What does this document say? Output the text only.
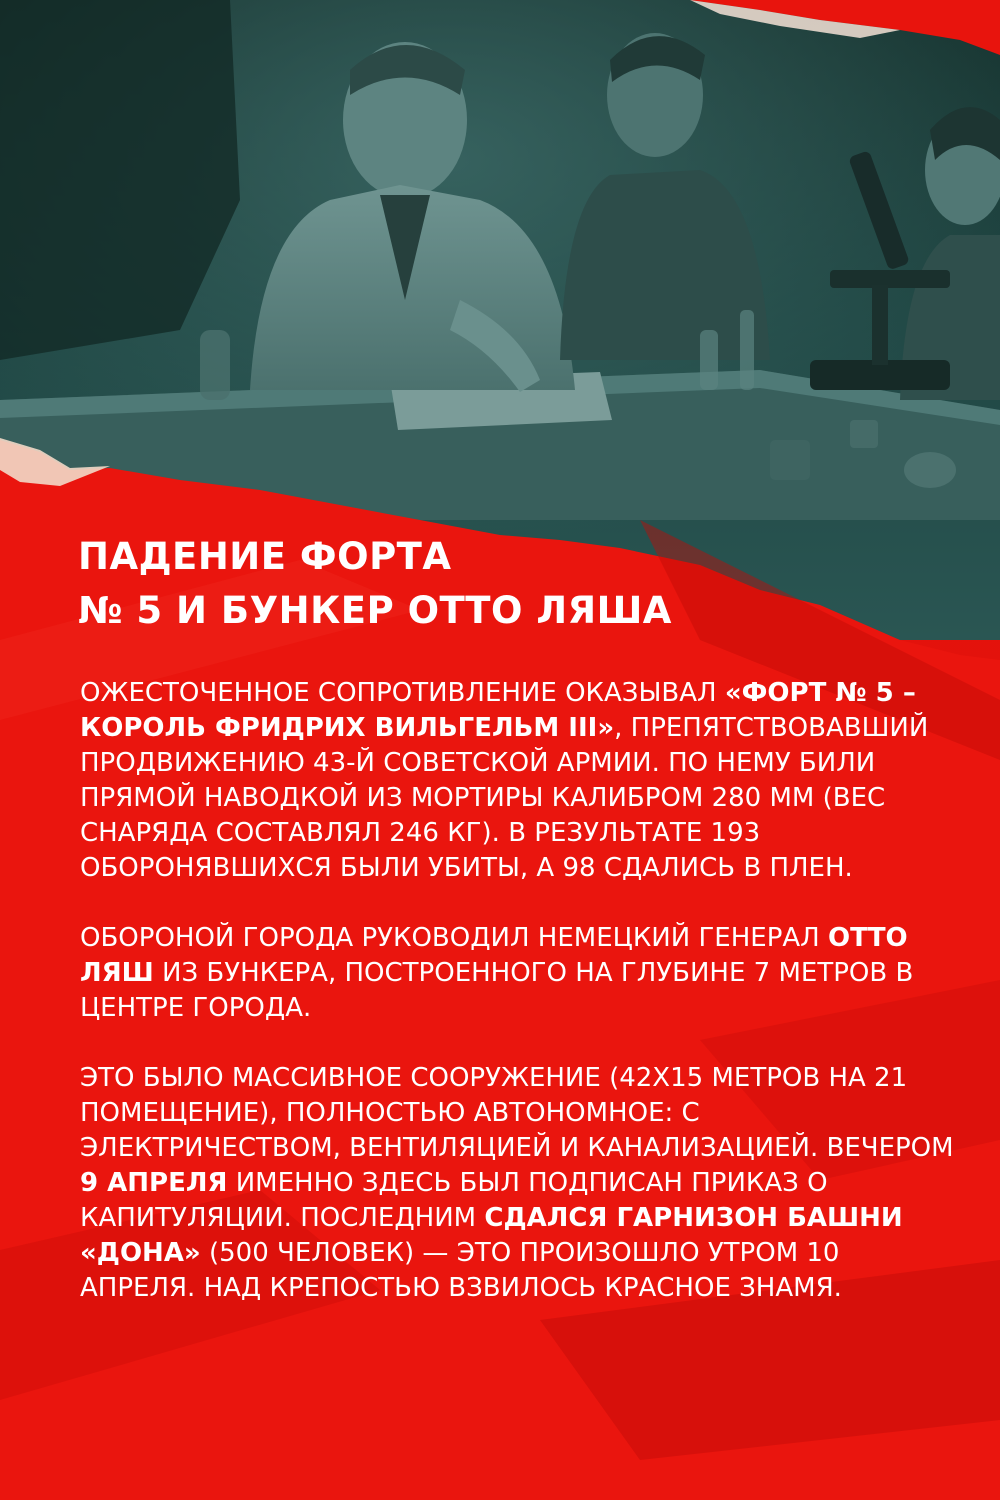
ПАДЕНИЕ ФОРТА
№ 5 И БУНКЕР ОТТО ЛЯША

ОЖЕСТОЧЕННОЕ СОПРОТИВЛЕНИЕ ОКАЗЫВАЛ «ФОРТ № 5 – КОРОЛЬ ФРИДРИХ ВИЛЬГЕЛЬМ III», ПРЕПЯТСТВОВАВШИЙ ПРОДВИЖЕНИЮ 43-Й СОВЕТСКОЙ АРМИИ. ПО НЕМУ БИЛИ ПРЯМОЙ НАВОДКОЙ ИЗ МОРТИРЫ КАЛИБРОМ 280 ММ (ВЕС СНАРЯДА СОСТАВЛЯЛ 246 КГ). В РЕЗУЛЬТАТЕ 193 ОБОРОНЯВШИХСЯ БЫЛИ УБИТЫ, А 98 СДАЛИСЬ В ПЛЕН.

ОБОРОНОЙ ГОРОДА РУКОВОДИЛ НЕМЕЦКИЙ ГЕНЕРАЛ ОТТО ЛЯШ ИЗ БУНКЕРА, ПОСТРОЕННОГО НА ГЛУБИНЕ 7 МЕТРОВ В ЦЕНТРЕ ГОРОДА.

ЭТО БЫЛО МАССИВНОЕ СООРУЖЕНИЕ (42Х15 МЕТРОВ НА 21 ПОМЕЩЕНИЕ), ПОЛНОСТЬЮ АВТОНОМНОЕ: С ЭЛЕКТРИЧЕСТВОМ, ВЕНТИЛЯЦИЕЙ И КАНАЛИЗАЦИЕЙ. ВЕЧЕРОМ 9 АПРЕЛЯ ИМЕННО ЗДЕСЬ БЫЛ ПОДПИСАН ПРИКАЗ О КАПИТУЛЯЦИИ. ПОСЛЕДНИМ СДАЛСЯ ГАРНИЗОН БАШНИ «ДОНА» (500 ЧЕЛОВЕК) — ЭТО ПРОИЗОШЛО УТРОМ 10 АПРЕЛЯ. НАД КРЕПОСТЬЮ ВЗВИЛОСЬ КРАСНОЕ ЗНАМЯ.
